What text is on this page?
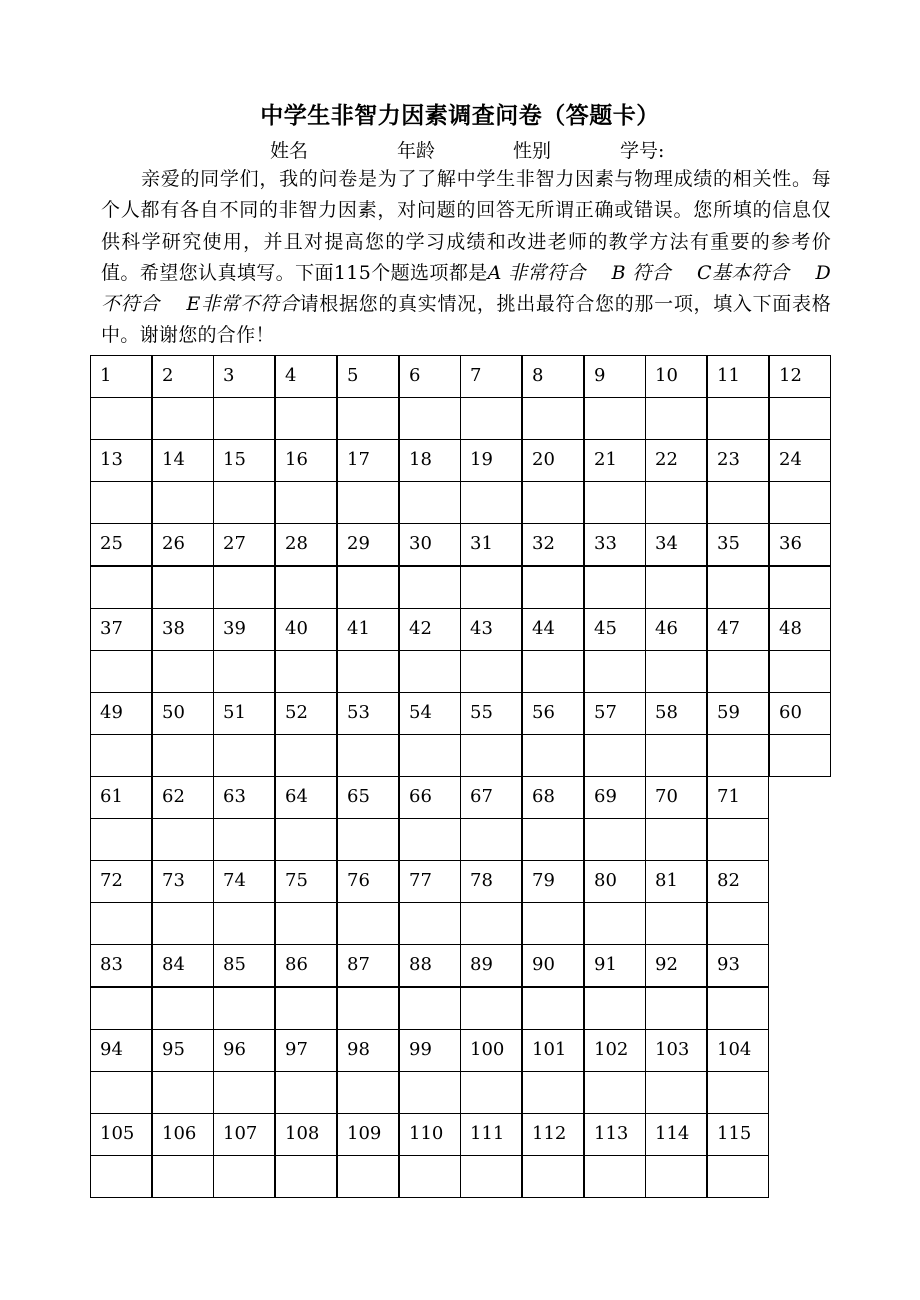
中学生非智力因素调查问卷（答题卡）
姓名	年龄	性别	学号:
亲爱的同学们，我的问卷是为了了解中学生非智力因素与物理成绩的相关性。每个人都有各自不同的非智力因素，对问题的回答无所谓正确或错误。您所填的信息仅供科学研究使用，并且对提高您的学习成绩和改进老师的教学方法有重要的参考价值。希望您认真填写。下面115个题选项都是A 非常符合　 B 符合　 C基本符合　 D不符合　 E非常不符合请根据您的真实情况，挑出最符合您的那一项，填入下面表格中。谢谢您的合作！
1	2	3	4	5	6	7	8	9	10	11	12
13	14	15	16	17	18	19	20	21	22	23	24
25	26	27	28	29	30	31	32	33	34	35	36
37	38	39	40	41	42	43	44	45	46	47	48
49	50	51	52	53	54	55	56	57	58	59	60
61	62	63	64	65	66	67	68	69	70	71
72	73	74	75	76	77	78	79	80	81	82
83	84	85	86	87	88	89	90	91	92	93
94	95	96	97	98	99	100	101	102	103	104
105	106	107	108	109	110	111	112	113	114	115
